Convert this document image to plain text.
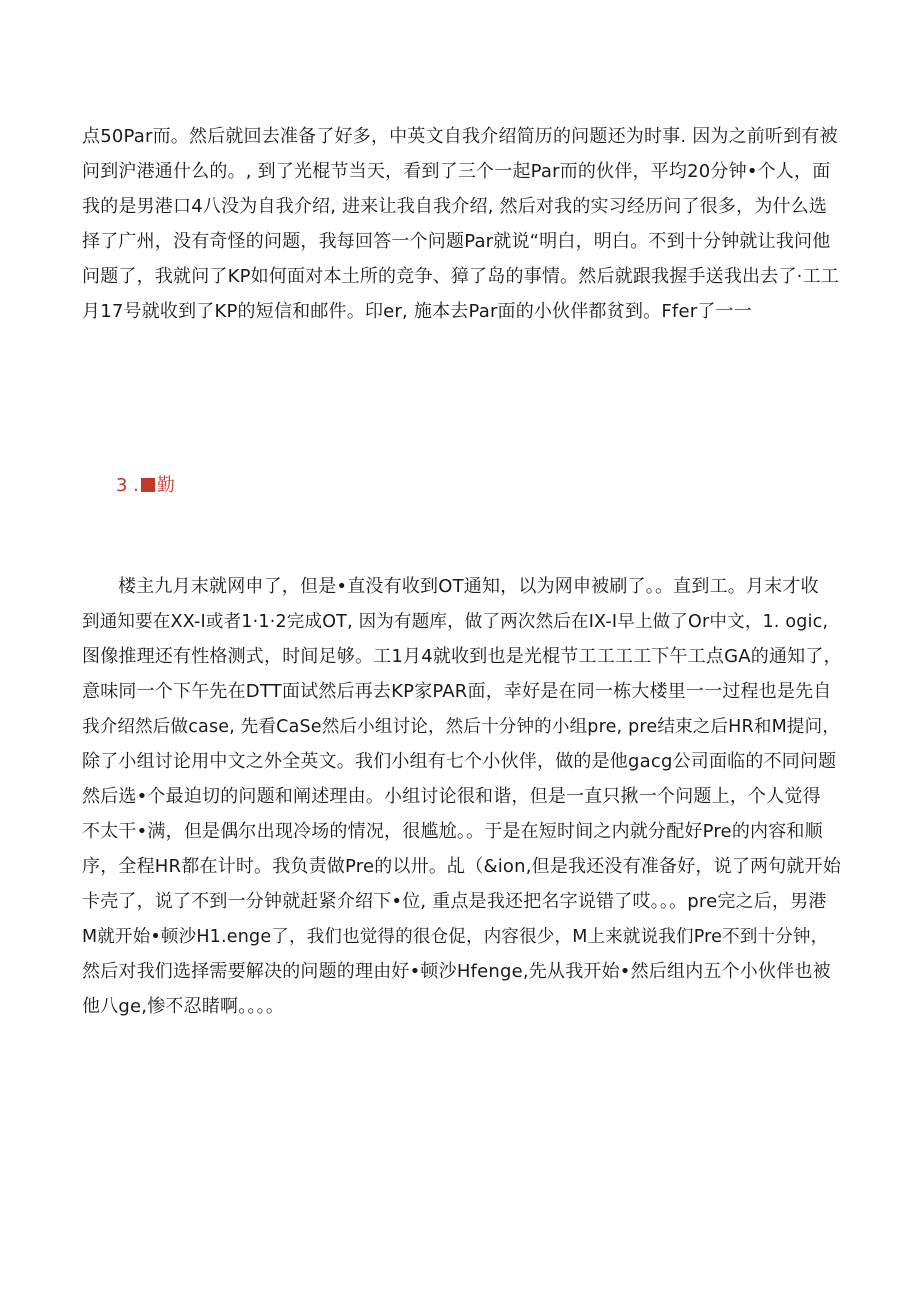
点50Par而。然后就回去准备了好多，中英文自我介绍简历的问题还为时事. 因为之前听到有被
问到沪港通什么的。, 到了光棍节当天，看到了三个一起Par而的伙伴，平均20分钟•个人，面
我的是男港口4八没为自我介绍, 进来让我自我介绍, 然后对我的实习经历问了很多，为什么选
择了广州，没有奇怪的问题，我每回答一个问题Par就说“明白，明白。不到十分钟就让我问他
问题了，我就问了KP如何面对本土所的竞争、獐了岛的事情。然后就跟我握手送我出去了·工工
月17号就收到了KP的短信和邮件。印er, 施本去Par面的小伙伴都贫到。Ffer了一一
3 . 勤
楼主九月末就网申了，但是•直没有收到OT通知，以为网申被刷了。。直到工。月末才收
到通知要在XX-I或者1·1·2完成OT, 因为有题库，做了两次然后在IX-I早上做了Or中文，1. ogic,
图像推理还有性格测式，时间足够。工1月4就收到也是光棍节工工工工下午工点GA的通知了，
意味同一个下午先在DTT面试然后再去KP家PAR面，幸好是在同一栋大楼里一一过程也是先自
我介绍然后做case, 先看CaSe然后小组讨论，然后十分钟的小组pre, pre结束之后HR和M提问，
除了小组讨论用中文之外全英文。我们小组有七个小伙伴，做的是他gacg公司面临的不同问题
然后选•个最迫切的问题和阐述理由。小组讨论很和谐，但是一直只揪一个问题上，个人觉得
不太干•满，但是偶尔出现冷场的情况，很尴尬。。于是在短时间之内就分配好Pre的内容和顺
序，全程HR都在计时。我负责做Pre的以卅。乩（&ion,但是我还没有准备好，说了两句就开始
卡壳了，说了不到一分钟就赶紧介绍下•位, 重点是我还把名字说错了哎。。。pre完之后，男港
M就开始•顿沙H1.enge了，我们也觉得的很仓促，内容很少，M上来就说我们Pre不到十分钟，
然后对我们选择需要解决的问题的理由好•顿沙Hfenge,先从我开始•然后组内五个小伙伴也被
他八ge,惨不忍睹啊。。。。
